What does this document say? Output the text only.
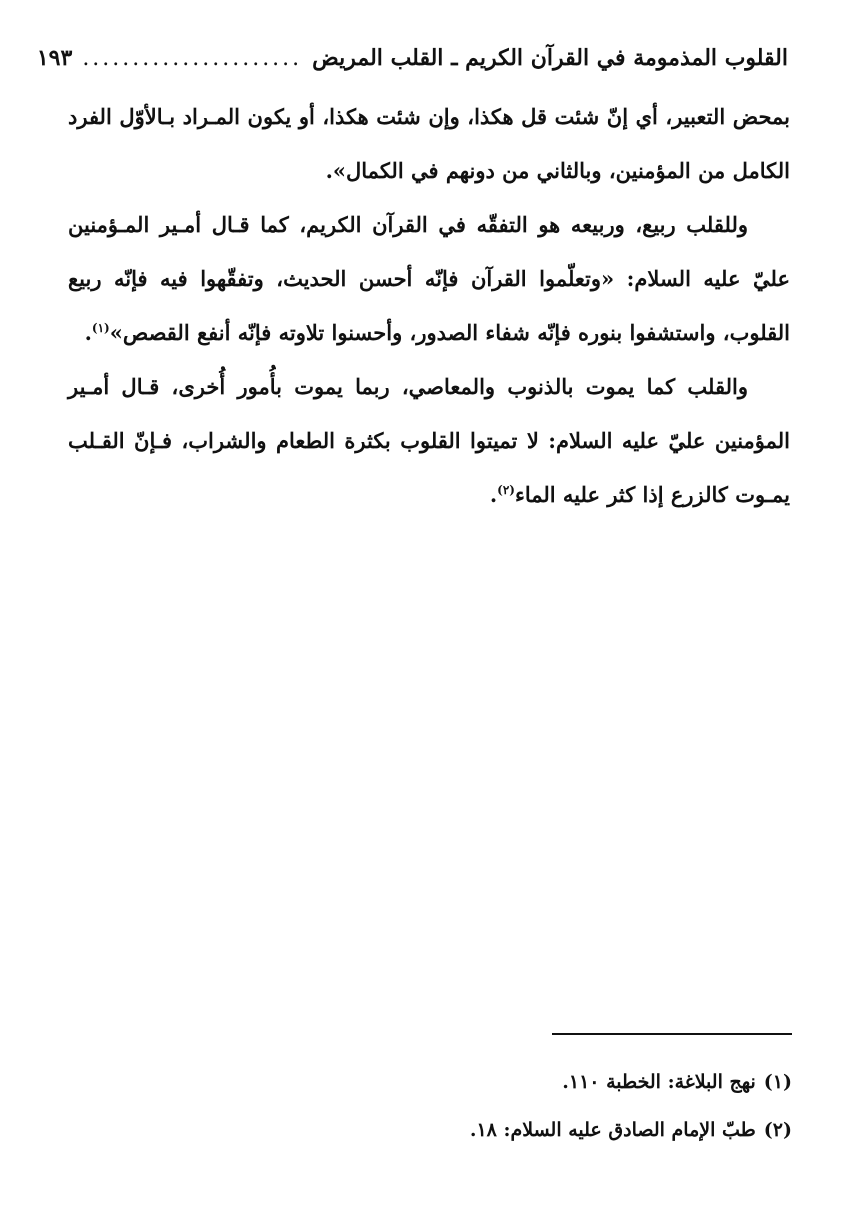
القلوب المذمومة في القرآن الكريم ـ القلب المريض
......................
١٩٣

بمحض التعبير، أي إنّ شئت قل هكذا، وإن شئت هكذا، أو يكون المـراد بـالأوّل الفرد الكامل من المؤمنين، وبالثاني من دونهم في الكمال».

وللقلب ربيع، وربيعه هو التفقّه في القرآن الكريم، كما قـال أمـير المـؤمنين عليّ عليه السلام: «وتعلّموا القرآن فإنّه أحسن الحديث، وتفقّهوا فيه فإنّه ربيع القلوب، واستشفوا بنوره فإنّه شفاء الصدور، وأحسنوا تلاوته فإنّه أنفع القصص»$^{(١)}$.

والقلب كما يموت بالذنوب والمعاصي، ربما يموت بأُمور أُخرى، قـال أمـير المؤمنين عليّ عليه السلام: لا تميتوا القلوب بكثرة الطعام والشراب، فـإنّ القـلب يمـوت كالزرع إذا كثر عليه الماء$^{(٢)}$.

(١)نهج البلاغة: الخطبة ١١٠.
(٢)طبّ الإمام الصادق عليه السلام: ١٨.
